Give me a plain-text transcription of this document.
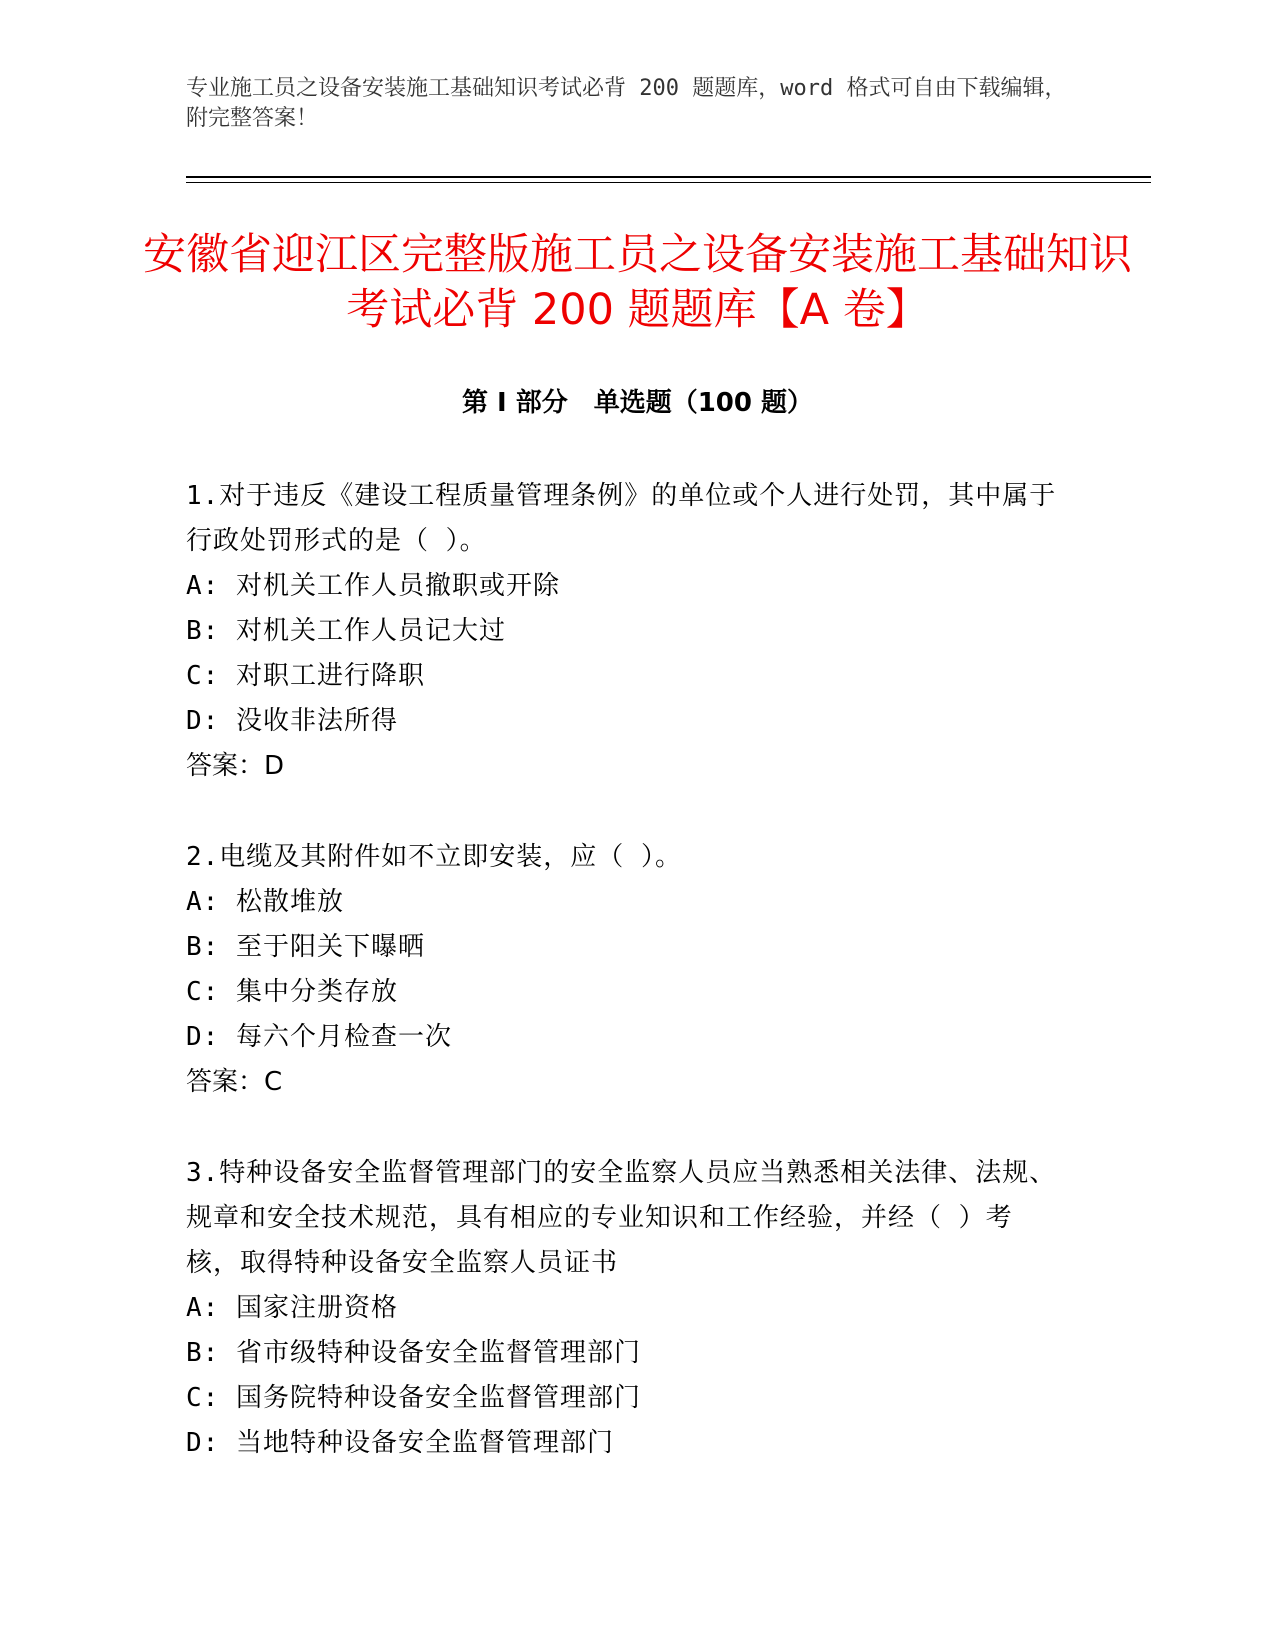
专业施工员之设备安装施工基础知识考试必背 200 题题库，word 格式可自由下载编辑，附完整答案！
安徽省迎江区完整版施工员之设备安装施工基础知识考试必背 200 题题库【A 卷】
第 I 部分　单选题（100 题）

1.对于违反《建设工程质量管理条例》的单位或个人进行处罚，其中属于行政处罚形式的是（ ）。

A: 对机关工作人员撤职或开除

B: 对机关工作人员记大过

C: 对职工进行降职

D: 没收非法所得

答案：D

2.电缆及其附件如不立即安装，应（ ）。

A: 松散堆放

B: 至于阳关下曝晒

C: 集中分类存放

D: 每六个月检查一次

答案：C

3.特种设备安全监督管理部门的安全监察人员应当熟悉相关法律、法规、规章和安全技术规范，具有相应的专业知识和工作经验，并经（ ）考核，取得特种设备安全监察人员证书

A: 国家注册资格

B: 省市级特种设备安全监督管理部门

C: 国务院特种设备安全监督管理部门

D: 当地特种设备安全监督管理部门
